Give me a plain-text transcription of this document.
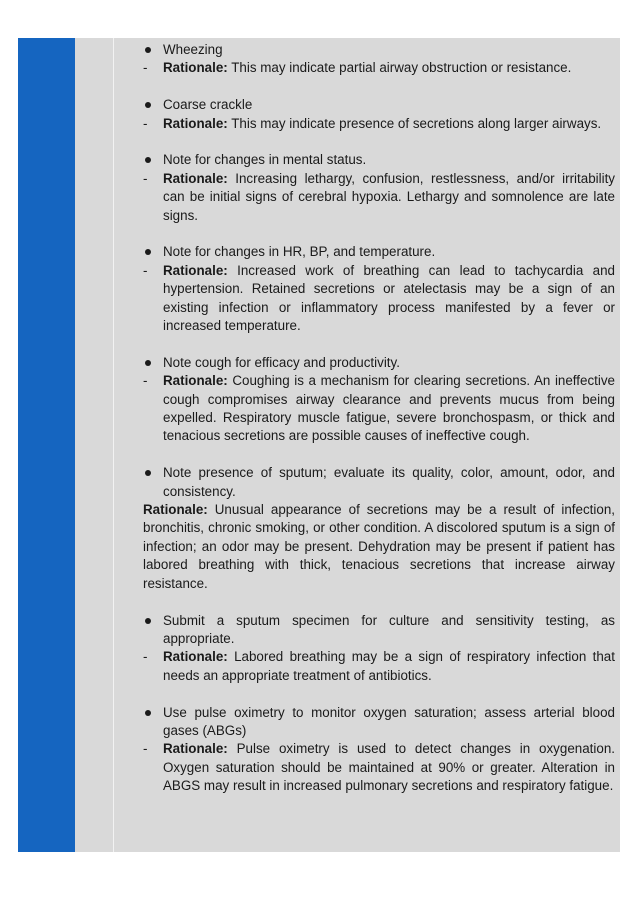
Wheezing
-	Rationale: This may indicate partial airway obstruction or resistance.
Coarse crackle
-	Rationale: This may indicate presence of secretions along larger airways.
Note for changes in mental status.
-	Rationale: Increasing lethargy, confusion, restlessness, and/or irritability can be initial signs of cerebral hypoxia. Lethargy and somnolence are late signs.
Note for changes in HR, BP, and temperature.
-	Rationale: Increased work of breathing can lead to tachycardia and hypertension. Retained secretions or atelectasis may be a sign of an existing infection or inflammatory process manifested by a fever or increased temperature.
Note cough for efficacy and productivity.
-	Rationale: Coughing is a mechanism for clearing secretions. An ineffective cough compromises airway clearance and prevents mucus from being expelled. Respiratory muscle fatigue, severe bronchospasm, or thick and tenacious secretions are possible causes of ineffective cough.
Note presence of sputum; evaluate its quality, color, amount, odor, and consistency.
Rationale: Unusual appearance of secretions may be a result of infection, bronchitis, chronic smoking, or other condition. A discolored sputum is a sign of infection; an odor may be present. Dehydration may be present if patient has labored breathing with thick, tenacious secretions that increase airway resistance.
Submit a sputum specimen for culture and sensitivity testing, as appropriate.
-	Rationale: Labored breathing may be a sign of respiratory infection that needs an appropriate treatment of antibiotics.
Use pulse oximetry to monitor oxygen saturation; assess arterial blood gases (ABGs)
-	Rationale: Pulse oximetry is used to detect changes in oxygenation. Oxygen saturation should be maintained at 90% or greater. Alteration in ABGS may result in increased pulmonary secretions and respiratory fatigue.
